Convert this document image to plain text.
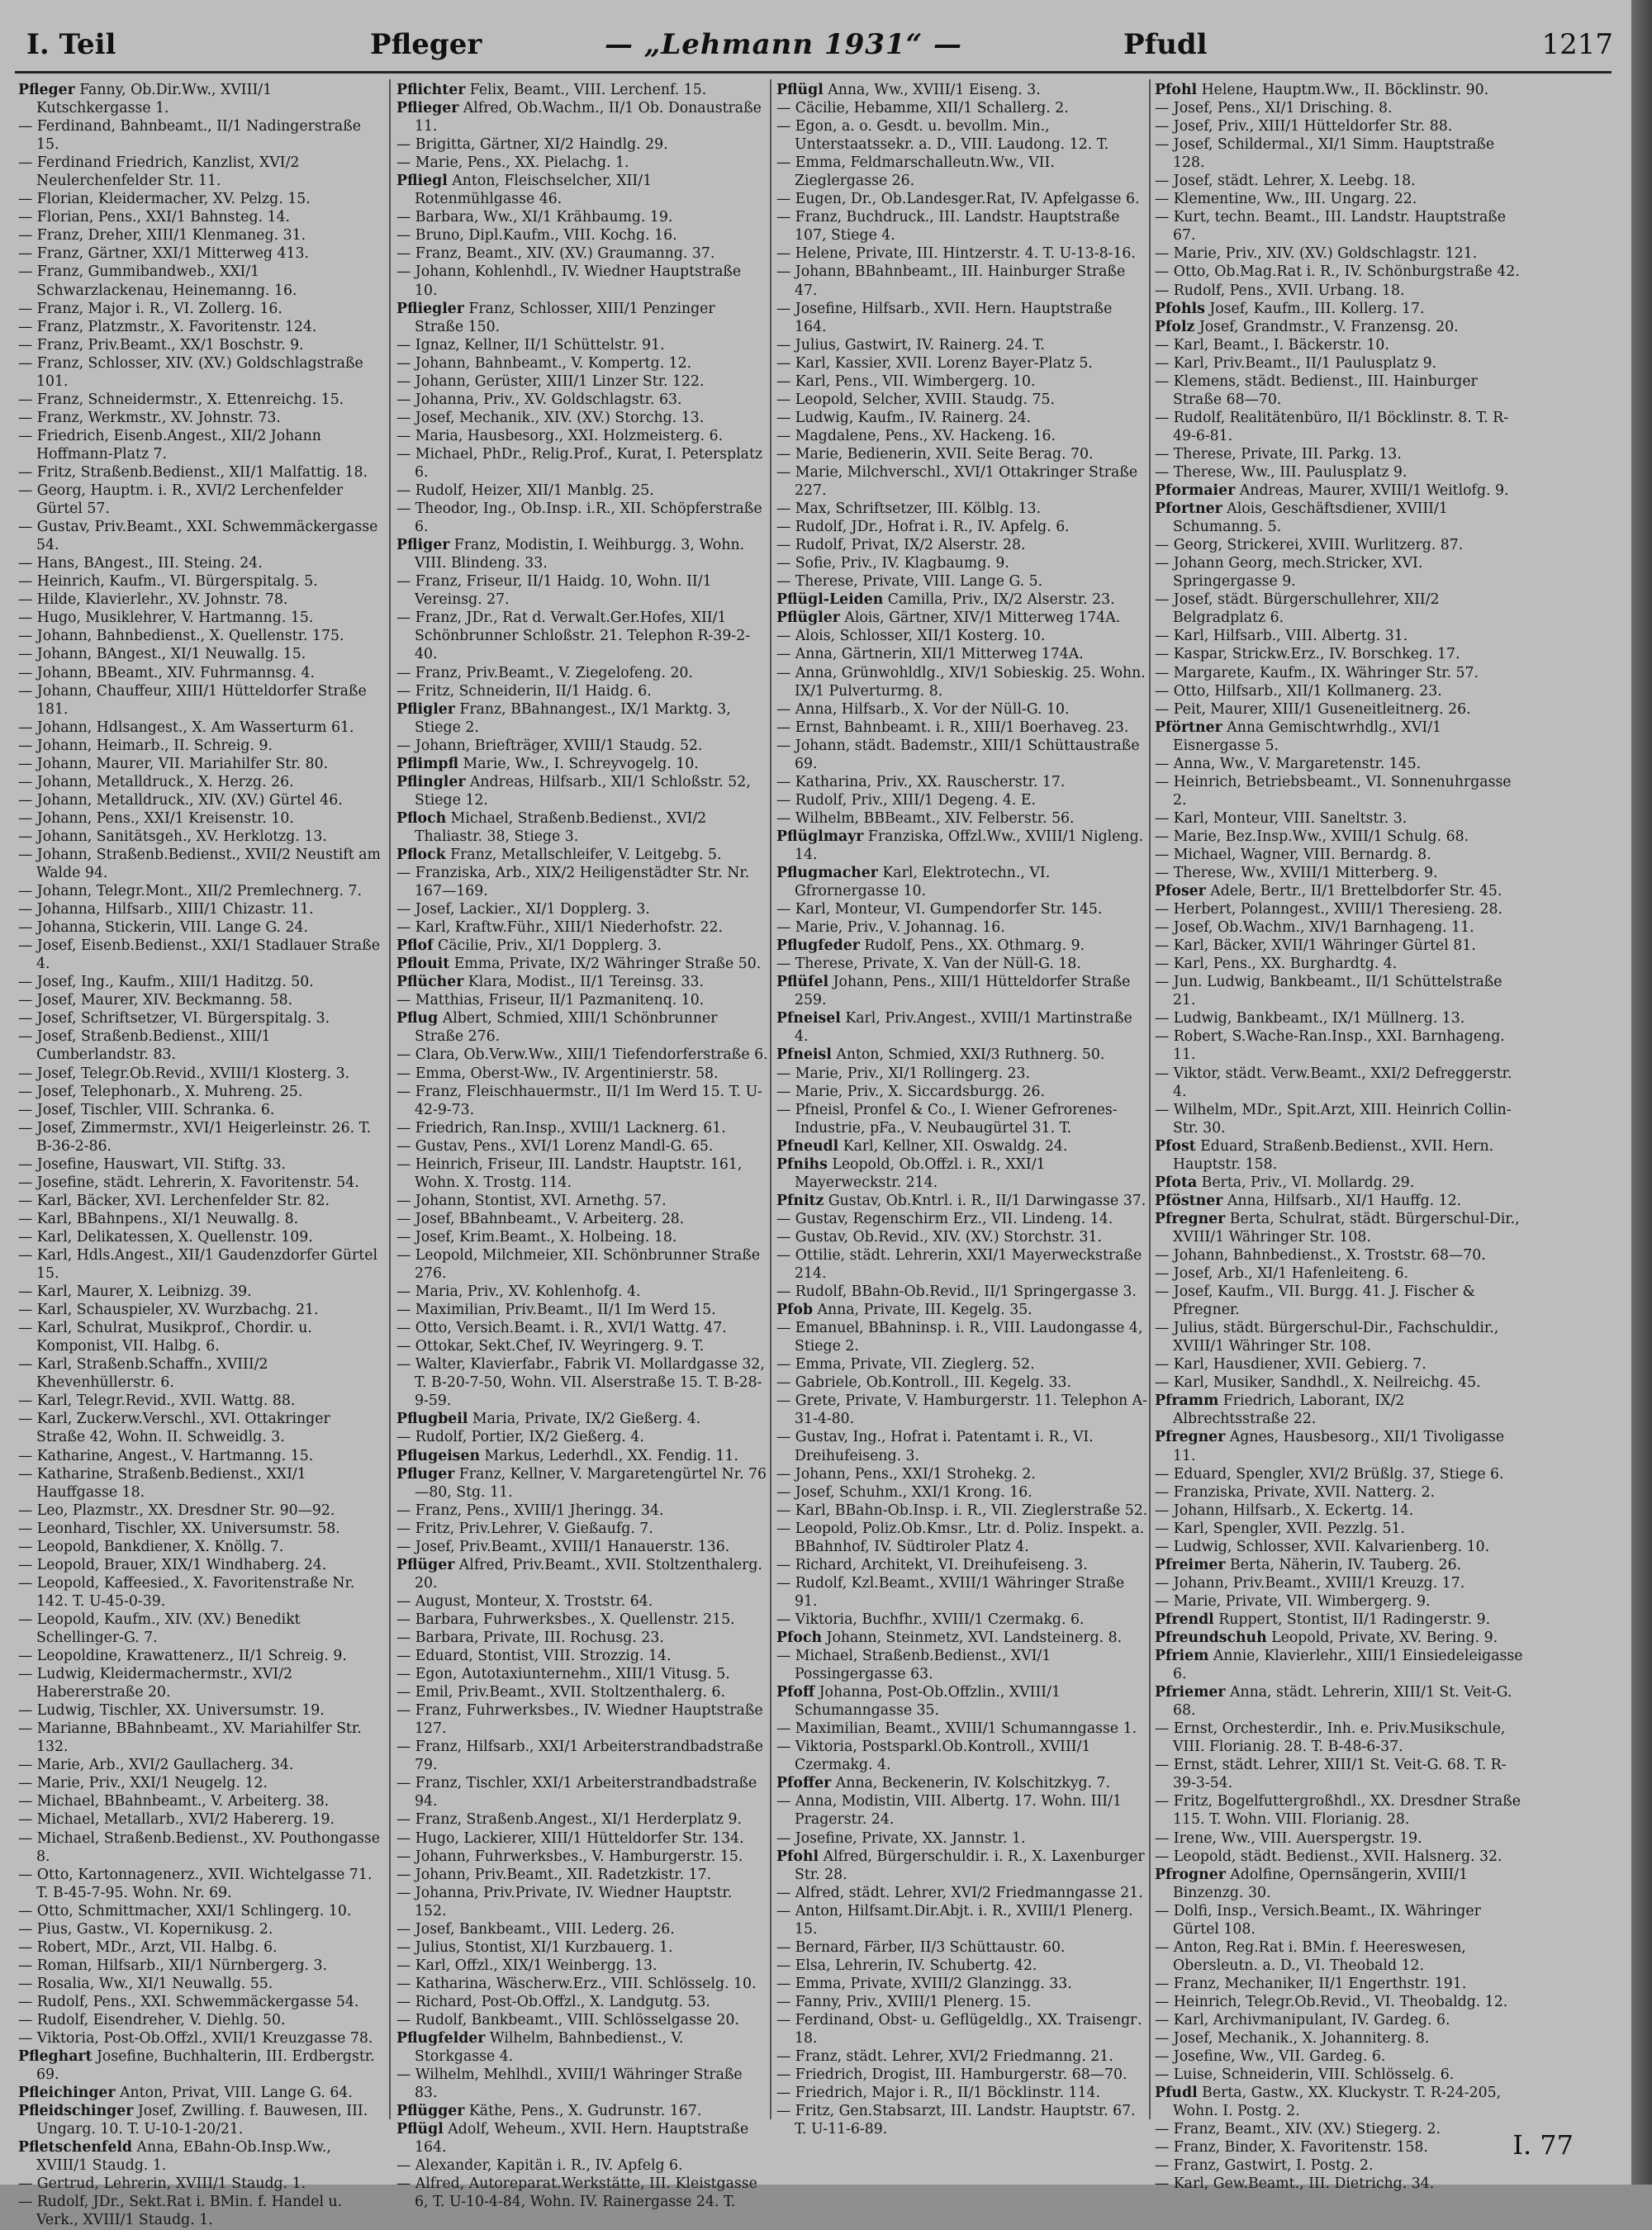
I. Teil	Pfleger	— „Lehmann 1931“ —	Pfudl	1217

Pfleger Fanny, Ob.Dir.Ww., XVIII/1 Kutschkergasse 1.

— Ferdinand, Bahnbeamt., II/1 Nadingerstraße 15.

— Ferdinand Friedrich, Kanzlist, XVI/2 Neulerchenfelder Str. 11.

— Florian, Kleidermacher, XV. Pelzg. 15.

— Florian, Pens., XXI/1 Bahnsteg. 14.

— Franz, Dreher, XIII/1 Klenmaneg. 31.

— Franz, Gärtner, XXI/1 Mitterweg 413.

— Franz, Gummibandweb., XXI/1 Schwarzlackenau, Heinemanng. 16.

— Franz, Major i. R., VI. Zollerg. 16.

— Franz, Platzmstr., X. Favoritenstr. 124.

— Franz, Priv.Beamt., XX/1 Boschstr. 9.

— Franz, Schlosser, XIV. (XV.) Goldschlagstraße 101.

— Franz, Schneidermstr., X. Ettenreichg. 15.

— Franz, Werkmstr., XV. Johnstr. 73.

— Friedrich, Eisenb.Angest., XII/2 Johann Hoffmann-Platz 7.

— Fritz, Straßenb.Bedienst., XII/1 Malfattig. 18.

— Georg, Hauptm. i. R., XVI/2 Lerchenfelder Gürtel 57.

— Gustav, Priv.Beamt., XXI. Schwemmäckergasse 54.

— Hans, BAngest., III. Steing. 24.

— Heinrich, Kaufm., VI. Bürgerspitalg. 5.

— Hilde, Klavierlehr., XV. Johnstr. 78.

— Hugo, Musiklehrer, V. Hartmanng. 15.

— Johann, Bahnbedienst., X. Quellenstr. 175.

— Johann, BAngest., XI/1 Neuwallg. 15.

— Johann, BBeamt., XIV. Fuhrmannsg. 4.

— Johann, Chauffeur, XIII/1 Hütteldorfer Straße 181.

— Johann, Hdlsangest., X. Am Wasserturm 61.

— Johann, Heimarb., II. Schreig. 9.

— Johann, Maurer, VII. Mariahilfer Str. 80.

— Johann, Metalldruck., X. Herzg. 26.

— Johann, Metalldruck., XIV. (XV.) Gürtel 46.

— Johann, Pens., XXI/1 Kreisenstr. 10.

— Johann, Sanitätsgeh., XV. Herklotzg. 13.

— Johann, Straßenb.Bedienst., XVII/2 Neustift am Walde 94.

— Johann, Telegr.Mont., XII/2 Premlechnerg. 7.

— Johanna, Hilfsarb., XIII/1 Chizastr. 11.

— Johanna, Stickerin, VIII. Lange G. 24.

— Josef, Eisenb.Bedienst., XXI/1 Stadlauer Straße 4.

— Josef, Ing., Kaufm., XIII/1 Haditzg. 50.

— Josef, Maurer, XIV. Beckmanng. 58.

— Josef, Schriftsetzer, VI. Bürgerspitalg. 3.

— Josef, Straßenb.Bedienst., XIII/1 Cumberlandstr. 83.

— Josef, Telegr.Ob.Revid., XVIII/1 Klosterg. 3.

— Josef, Telephonarb., X. Muhreng. 25.

— Josef, Tischler, VIII. Schranka. 6.

— Josef, Zimmermstr., XVI/1 Heigerleinstr. 26. T. B-36-2-86.

— Josefine, Hauswart, VII. Stiftg. 33.

— Josefine, städt. Lehrerin, X. Favoritenstr. 54.

— Karl, Bäcker, XVI. Lerchenfelder Str. 82.

— Karl, BBahnpens., XI/1 Neuwallg. 8.

— Karl, Delikatessen, X. Quellenstr. 109.

— Karl, Hdls.Angest., XII/1 Gaudenzdorfer Gürtel 15.

— Karl, Maurer, X. Leibnizg. 39.

— Karl, Schauspieler, XV. Wurzbachg. 21.

— Karl, Schulrat, Musikprof., Chordir. u. Komponist, VII. Halbg. 6.

— Karl, Straßenb.Schaffn., XVIII/2 Khevenhüllerstr. 6.

— Karl, Telegr.Revid., XVII. Wattg. 88.

— Karl, Zuckerw.Verschl., XVI. Ottakringer Straße 42, Wohn. II. Schweidlg. 3.

— Katharine, Angest., V. Hartmanng. 15.

— Katharine, Straßenb.Bedienst., XXI/1 Hauffgasse 18.

— Leo, Plazmstr., XX. Dresdner Str. 90—92.

— Leonhard, Tischler, XX. Universumstr. 58.

— Leopold, Bankdiener, X. Knöllg. 7.

— Leopold, Brauer, XIX/1 Windhaberg. 24.

— Leopold, Kaffeesied., X. Favoritenstraße Nr. 142. T. U-45-0-39.

— Leopold, Kaufm., XIV. (XV.) Benedikt Schellinger-G. 7.

— Leopoldine, Krawattenerz., II/1 Schreig. 9.

— Ludwig, Kleidermachermstr., XVI/2 Habererstraße 20.

— Ludwig, Tischler, XX. Universumstr. 19.

— Marianne, BBahnbeamt., XV. Mariahilfer Str. 132.

— Marie, Arb., XVI/2 Gaullacherg. 34.

— Marie, Priv., XXI/1 Neugelg. 12.

— Michael, BBahnbeamt., V. Arbeiterg. 38.

— Michael, Metallarb., XVI/2 Habererg. 19.

— Michael, Straßenb.Bedienst., XV. Pouthongasse 8.

— Otto, Kartonnagenerz., XVII. Wichtelgasse 71. T. B-45-7-95. Wohn. Nr. 69.

— Otto, Schmittmacher, XXI/1 Schlingerg. 10.

— Pius, Gastw., VI. Kopernikusg. 2.

— Robert, MDr., Arzt, VII. Halbg. 6.

— Roman, Hilfsarb., XII/1 Nürnbergerg. 3.

— Rosalia, Ww., XI/1 Neuwallg. 55.

— Rudolf, Pens., XXI. Schwemmäckergasse 54.

— Rudolf, Eisendreher, V. Diehlg. 50.

— Viktoria, Post-Ob.Offzl., XVII/1 Kreuzgasse 78.

Pfleghart Josefine, Buchhalterin, III. Erdbergstr. 69.

Pfleichinger Anton, Privat, VIII. Lange G. 64.

Pfleidschinger Josef, Zwilling. f. Bauwesen, III. Ungarg. 10. T. U-10-1-20/21.

Pfletschenfeld Anna, EBahn-Ob.Insp.Ww., XVIII/1 Staudg. 1.

— Gertrud, Lehrerin, XVIII/1 Staudg. 1.

— Rudolf, JDr., Sekt.Rat i. BMin. f. Handel u. Verk., XVIII/1 Staudg. 1.

Pflichter Felix, Beamt., VIII. Lerchenf. 15.

Pflieger Alfred, Ob.Wachm., II/1 Ob. Donaustraße 11.

— Brigitta, Gärtner, XI/2 Haindlg. 29.

— Marie, Pens., XX. Pielachg. 1.

Pfliegl Anton, Fleischselcher, XII/1 Rotenmühlgasse 46.

— Barbara, Ww., XI/1 Krähbaumg. 19.

— Bruno, Dipl.Kaufm., VIII. Kochg. 16.

— Franz, Beamt., XIV. (XV.) Graumanng. 37.

— Johann, Kohlenhdl., IV. Wiedner Hauptstraße 10.

Pfliegler Franz, Schlosser, XIII/1 Penzinger Straße 150.

— Ignaz, Kellner, II/1 Schüttelstr. 91.

— Johann, Bahnbeamt., V. Kompertg. 12.

— Johann, Gerüster, XIII/1 Linzer Str. 122.

— Johanna, Priv., XV. Goldschlagstr. 63.

— Josef, Mechanik., XIV. (XV.) Storchg. 13.

— Maria, Hausbesorg., XXI. Holzmeisterg. 6.

— Michael, PhDr., Relig.Prof., Kurat, I. Petersplatz 6.

— Rudolf, Heizer, XII/1 Manblg. 25.

— Theodor, Ing., Ob.Insp. i.R., XII. Schöpferstraße 6.

Pfliger Franz, Modistin, I. Weihburgg. 3, Wohn. VIII. Blindeng. 33.

— Franz, Friseur, II/1 Haidg. 10, Wohn. II/1 Vereinsg. 27.

— Franz, JDr., Rat d. Verwalt.Ger.Hofes, XII/1 Schönbrunner Schloßstr. 21. Telephon R-39-2-40.

— Franz, Priv.Beamt., V. Ziegelofeng. 20.

— Fritz, Schneiderin, II/1 Haidg. 6.

Pfligler Franz, BBahnangest., IX/1 Marktg. 3, Stiege 2.

— Johann, Briefträger, XVIII/1 Staudg. 52.

Pflimpfl Marie, Ww., I. Schreyvogelg. 10.

Pflingler Andreas, Hilfsarb., XII/1 Schloßstr. 52, Stiege 12.

Pfloch Michael, Straßenb.Bedienst., XVI/2 Thaliastr. 38, Stiege 3.

Pflock Franz, Metallschleifer, V. Leitgebg. 5.

— Franziska, Arb., XIX/2 Heiligenstädter Str. Nr. 167—169.

— Josef, Lackier., XI/1 Dopplerg. 3.

— Karl, Kraftw.Führ., XIII/1 Niederhofstr. 22.

Pflof Cäcilie, Priv., XI/1 Dopplerg. 3.

Pflouit Emma, Private, IX/2 Währinger Straße 50.

Pflücher Klara, Modist., II/1 Tereinsg. 33.

— Matthias, Friseur, II/1 Pazmanitenq. 10.

Pflug Albert, Schmied, XIII/1 Schönbrunner Straße 276.

— Clara, Ob.Verw.Ww., XIII/1 Tiefendorferstraße 6.

— Emma, Oberst-Ww., IV. Argentinierstr. 58.

— Franz, Fleischhauermstr., II/1 Im Werd 15. T. U-42-9-73.

— Friedrich, Ran.Insp., XVIII/1 Lacknerg. 61.

— Gustav, Pens., XVI/1 Lorenz Mandl-G. 65.

— Heinrich, Friseur, III. Landstr. Hauptstr. 161, Wohn. X. Trostg. 114.

— Johann, Stontist, XVI. Arnethg. 57.

— Josef, BBahnbeamt., V. Arbeiterg. 28.

— Josef, Krim.Beamt., X. Holbeing. 18.

— Leopold, Milchmeier, XII. Schönbrunner Straße 276.

— Maria, Priv., XV. Kohlenhofg. 4.

— Maximilian, Priv.Beamt., II/1 Im Werd 15.

— Otto, Versich.Beamt. i. R., XVI/1 Wattg. 47.

— Ottokar, Sekt.Chef, IV. Weyringerg. 9. T.

— Walter, Klavierfabr., Fabrik VI. Mollardgasse 32, T. B-20-7-50, Wohn. VII. Alserstraße 15. T. B-28-9-59.

Pflugbeil Maria, Private, IX/2 Gießerg. 4.

— Rudolf, Portier, IX/2 Gießerg. 4.

Pflugeisen Markus, Lederhdl., XX. Fendig. 11.

Pfluger Franz, Kellner, V. Margaretengürtel Nr. 76—80, Stg. 11.

— Franz, Pens., XVIII/1 Jheringg. 34.

— Fritz, Priv.Lehrer, V. Gießaufg. 7.

— Josef, Priv.Beamt., XVIII/1 Hanauerstr. 136.

Pflüger Alfred, Priv.Beamt., XVII. Stoltzenthalerg. 20.

— August, Monteur, X. Troststr. 64.

— Barbara, Fuhrwerksbes., X. Quellenstr. 215.

— Barbara, Private, III. Rochusg. 23.

— Eduard, Stontist, VIII. Strozzig. 14.

— Egon, Autotaxiunternehm., XIII/1 Vitusg. 5.

— Emil, Priv.Beamt., XVII. Stoltzenthalerg. 6.

— Franz, Fuhrwerksbes., IV. Wiedner Hauptstraße 127.

— Franz, Hilfsarb., XXI/1 Arbeiterstrandbadstraße 79.

— Franz, Tischler, XXI/1 Arbeiterstrandbadstraße 94.

— Franz, Straßenb.Angest., XI/1 Herderplatz 9.

— Hugo, Lackierer, XIII/1 Hütteldorfer Str. 134.

— Johann, Fuhrwerksbes., V. Hamburgerstr. 15.

— Johann, Priv.Beamt., XII. Radetzkistr. 17.

— Johanna, Priv.Private, IV. Wiedner Hauptstr. 152.

— Josef, Bankbeamt., VIII. Lederg. 26.

— Julius, Stontist, XI/1 Kurzbauerg. 1.

— Karl, Offzl., XIX/1 Weinbergg. 13.

— Katharina, Wäscherw.Erz., VIII. Schlösselg. 10.

— Richard, Post-Ob.Offzl., X. Landgutg. 53.

— Rudolf, Bankbeamt., VIII. Schlösselgasse 20.

Pflugfelder Wilhelm, Bahnbedienst., V. Storkgasse 4.

— Wilhelm, Mehlhdl., XVIII/1 Währinger Straße 83.

Pflügger Käthe, Pens., X. Gudrunstr. 167.

Pflügl Adolf, Weheum., XVII. Hern. Hauptstraße 164.

— Alexander, Kapitän i. R., IV. Apfelg 6.

— Alfred, Autoreparat.Werkstätte, III. Kleistgasse 6, T. U-10-4-84, Wohn. IV. Rainergasse 24. T.

Pflügl Anna, Ww., XVIII/1 Eiseng. 3.

— Cäcilie, Hebamme, XII/1 Schallerg. 2.

— Egon, a. o. Gesdt. u. bevollm. Min., Unterstaatssekr. a. D., VIII. Laudong. 12. T.

— Emma, Feldmarschalleutn.Ww., VII. Zieglergasse 26.

— Eugen, Dr., Ob.Landesger.Rat, IV. Apfelgasse 6.

— Franz, Buchdruck., III. Landstr. Hauptstraße 107, Stiege 4.

— Helene, Private, III. Hintzerstr. 4. T. U-13-8-16.

— Johann, BBahnbeamt., III. Hainburger Straße 47.

— Josefine, Hilfsarb., XVII. Hern. Hauptstraße 164.

— Julius, Gastwirt, IV. Rainerg. 24. T.

— Karl, Kassier, XVII. Lorenz Bayer-Platz 5.

— Karl, Pens., VII. Wimbergerg. 10.

— Leopold, Selcher, XVIII. Staudg. 75.

— Ludwig, Kaufm., IV. Rainerg. 24.

— Magdalene, Pens., XV. Hackeng. 16.

— Marie, Bedienerin, XVII. Seite Berag. 70.

— Marie, Milchverschl., XVI/1 Ottakringer Straße 227.

— Max, Schriftsetzer, III. Kölblg. 13.

— Rudolf, JDr., Hofrat i. R., IV. Apfelg. 6.

— Rudolf, Privat, IX/2 Alserstr. 28.

— Sofie, Priv., IV. Klagbaumg. 9.

— Therese, Private, VIII. Lange G. 5.

Pflügl-Leiden Camilla, Priv., IX/2 Alserstr. 23.

Pflügler Alois, Gärtner, XIV/1 Mitterweg 174A.

— Alois, Schlosser, XII/1 Kosterg. 10.

— Anna, Gärtnerin, XII/1 Mitterweg 174A.

— Anna, Grünwohldlg., XIV/1 Sobieskig. 25. Wohn. IX/1 Pulverturmg. 8.

— Anna, Hilfsarb., X. Vor der Nüll-G. 10.

— Ernst, Bahnbeamt. i. R., XIII/1 Boerhaveg. 23.

— Johann, städt. Bademstr., XIII/1 Schüttaustraße 69.

— Katharina, Priv., XX. Rauscherstr. 17.

— Rudolf, Priv., XIII/1 Degeng. 4. E.

— Wilhelm, BBBeamt., XIV. Felberstr. 56.

Pflüglmayr Franziska, Offzl.Ww., XVIII/1 Nigleng. 14.

Pflugmacher Karl, Elektrotechn., VI. Gfrornergasse 10.

— Karl, Monteur, VI. Gumpendorfer Str. 145.

— Marie, Priv., V. Johannag. 16.

Pflugfeder Rudolf, Pens., XX. Othmarg. 9.

— Therese, Private, X. Van der Nüll-G. 18.

Pflüfel Johann, Pens., XIII/1 Hütteldorfer Straße 259.

Pfneisel Karl, Priv.Angest., XVIII/1 Martinstraße 4.

Pfneisl Anton, Schmied, XXI/3 Ruthnerg. 50.

— Marie, Priv., XI/1 Rollingerg. 23.

— Marie, Priv., X. Siccardsburgg. 26.

— Pfneisl, Pronfel & Co., I. Wiener Gefrorenes-Industrie, pFa., V. Neubaugürtel 31. T.

Pfneudl Karl, Kellner, XII. Oswaldg. 24.

Pfnihs Leopold, Ob.Offzl. i. R., XXI/1 Mayerweckstr. 214.

Pfnitz Gustav, Ob.Kntrl. i. R., II/1 Darwingasse 37.

— Gustav, Regenschirm Erz., VII. Lindeng. 14.

— Gustav, Ob.Revid., XIV. (XV.) Storchstr. 31.

— Ottilie, städt. Lehrerin, XXI/1 Mayerweckstraße 214.

— Rudolf, BBahn-Ob.Revid., II/1 Springergasse 3.

Pfob Anna, Private, III. Kegelg. 35.

— Emanuel, BBahninsp. i. R., VIII. Laudongasse 4, Stiege 2.

— Emma, Private, VII. Zieglerg. 52.

— Gabriele, Ob.Kontroll., III. Kegelg. 33.

— Grete, Private, V. Hamburgerstr. 11. Telephon A-31-4-80.

— Gustav, Ing., Hofrat i. Patentamt i. R., VI. Dreihufeiseng. 3.

— Johann, Pens., XXI/1 Strohekg. 2.

— Josef, Schuhm., XXI/1 Krong. 16.

— Karl, BBahn-Ob.Insp. i. R., VII. Zieglerstraße 52.

— Leopold, Poliz.Ob.Kmsr., Ltr. d. Poliz. Inspekt. a. BBahnhof, IV. Südtiroler Platz 4.

— Richard, Architekt, VI. Dreihufeiseng. 3.

— Rudolf, Kzl.Beamt., XVIII/1 Währinger Straße 91.

— Viktoria, Buchfhr., XVIII/1 Czermakg. 6.

Pfoch Johann, Steinmetz, XVI. Landsteinerg. 8.

— Michael, Straßenb.Bedienst., XVI/1 Possingergasse 63.

Pfoff Johanna, Post-Ob.Offzlin., XVIII/1 Schumanngasse 35.

— Maximilian, Beamt., XVIII/1 Schumanngasse 1.

— Viktoria, Postsparkl.Ob.Kontroll., XVIII/1 Czermakg. 4.

Pfoffer Anna, Beckenerin, IV. Kolschitzkyg. 7.

— Anna, Modistin, VIII. Albertg. 17. Wohn. III/1 Pragerstr. 24.

— Josefine, Private, XX. Jannstr. 1.

Pfohl Alfred, Bürgerschuldir. i. R., X. Laxenburger Str. 28.

— Alfred, städt. Lehrer, XVI/2 Friedmanngasse 21.

— Anton, Hilfsamt.Dir.Abjt. i. R., XVIII/1 Plenerg. 15.

— Bernard, Färber, II/3 Schüttaustr. 60.

— Elsa, Lehrerin, IV. Schubertg. 42.

— Emma, Private, XVIII/2 Glanzingg. 33.

— Fanny, Priv., XVIII/1 Plenerg. 15.

— Ferdinand, Obst- u. Geflügeldlg., XX. Traisengг. 18.

— Franz, städt. Lehrer, XVI/2 Friedmanng. 21.

— Friedrich, Drogist, III. Hamburgerstr. 68—70.

— Friedrich, Major i. R., II/1 Böcklinstr. 114.

— Fritz, Gen.Stabsarzt, III. Landstr. Hauptstr. 67. T. U-11-6-89.

Pfohl Helene, Hauptm.Ww., II. Böcklinstr. 90.

— Josef, Pens., XI/1 Drisching. 8.

— Josef, Priv., XIII/1 Hütteldorfer Str. 88.

— Josef, Schildermal., XI/1 Simm. Hauptstraße 128.

— Josef, städt. Lehrer, X. Leebg. 18.

— Klementine, Ww., III. Ungarg. 22.

— Kurt, techn. Beamt., III. Landstr. Hauptstraße 67.

— Marie, Priv., XIV. (XV.) Goldschlagstr. 121.

— Otto, Ob.Mag.Rat i. R., IV. Schönburgstraße 42.

— Rudolf, Pens., XVII. Urbang. 18.

Pfohls Josef, Kaufm., III. Kollerg. 17.

Pfolz Josef, Grandmstr., V. Franzensg. 20.

— Karl, Beamt., I. Bäckerstr. 10.

— Karl, Priv.Beamt., II/1 Paulusplatz 9.

— Klemens, städt. Bedienst., III. Hainburger Straße 68—70.

— Rudolf, Realitätenbüro, II/1 Böcklinstr. 8. T. R-49-6-81.

— Therese, Private, III. Parkg. 13.

— Therese, Ww., III. Paulusplatz 9.

Pformaier Andreas, Maurer, XVIII/1 Weitlofg. 9.

Pfortner Alois, Geschäftsdiener, XVIII/1 Schumanng. 5.

— Georg, Strickerei, XVIII. Wurlitzerg. 87.

— Johann Georg, mech.Stricker, XVI. Springergasse 9.

— Josef, städt. Bürgerschullehrer, XII/2 Belgradplatz 6.

— Karl, Hilfsarb., VIII. Albertg. 31.

— Kaspar, Strickw.Erz., IV. Borschkeg. 17.

— Margarete, Kaufm., IX. Währinger Str. 57.

— Otto, Hilfsarb., XII/1 Kollmanerg. 23.

— Peit, Maurer, XIII/1 Guseneitleitnerg. 26.

Pförtner Anna Gemischtwrhdlg., XVI/1 Eisnergasse 5.

— Anna, Ww., V. Margaretenstr. 145.

— Heinrich, Betriebsbeamt., VI. Sonnenuhrgasse 2.

— Karl, Monteur, VIII. Saneltstr. 3.

— Marie, Bez.Insp.Ww., XVIII/1 Schulg. 68.

— Michael, Wagner, VIII. Bernardg. 8.

— Therese, Ww., XVIII/1 Mitterberg. 9.

Pfoser Adele, Bertr., II/1 Brettelbdorfer Str. 45.

— Herbert, Polanngest., XVIII/1 Theresieng. 28.

— Josef, Ob.Wachm., XIV/1 Barnhageng. 11.

— Karl, Bäcker, XVII/1 Währinger Gürtel 81.

— Karl, Pens., XX. Burghardtg. 4.

— Jun. Ludwig, Bankbeamt., II/1 Schüttelstraße 21.

— Ludwig, Bankbeamt., IX/1 Müllnerg. 13.

— Robert, S.Wache-Ran.Insp., XXI. Barnhageng. 11.

— Viktor, städt. Verw.Beamt., XXI/2 Defreggerstr. 4.

— Wilhelm, MDr., Spit.Arzt, XIII. Heinrich Collin-Str. 30.

Pfost Eduard, Straßenb.Bedienst., XVII. Hern. Hauptstr. 158.

Pfota Berta, Priv., VI. Mollardg. 29.

Pföstner Anna, Hilfsarb., XI/1 Hauffg. 12.

Pfregner Berta, Schulrat, städt. Bürgerschul-Dir., XVIII/1 Währinger Str. 108.

— Johann, Bahnbedienst., X. Troststr. 68—70.

— Josef, Arb., XI/1 Hafenleiteng. 6.

— Josef, Kaufm., VII. Burgg. 41. J. Fischer & Pfregner.

— Julius, städt. Bürgerschul-Dir., Fachschuldir., XVIII/1 Währinger Str. 108.

— Karl, Hausdiener, XVII. Gebierg. 7.

— Karl, Musiker, Sandhdl., X. Neilreichg. 45.

Pframm Friedrich, Laborant, IX/2 Albrechtsstraße 22.

Pfregner Agnes, Hausbesorg., XII/1 Tivoligasse 11.

— Eduard, Spengler, XVI/2 Brüßlg. 37, Stiege 6.

— Franziska, Private, XVII. Natterg. 2.

— Johann, Hilfsarb., X. Eckertg. 14.

— Karl, Spengler, XVII. Pezzlg. 51.

— Ludwig, Schlosser, XVII. Kalvarienberg. 10.

Pfreimer Berta, Näherin, IV. Tauberg. 26.

— Johann, Priv.Beamt., XVIII/1 Kreuzg. 17.

— Marie, Private, VII. Wimbergerg. 9.

Pfrendl Ruppert, Stontist, II/1 Radingerstr. 9.

Pfreundschuh Leopold, Private, XV. Bering. 9.

Pfriem Annie, Klavierlehr., XIII/1 Einsiedeleigasse 6.

Pfriemer Anna, städt. Lehrerin, XIII/1 St. Veit-G. 68.

— Ernst, Orchesterdir., Inh. e. Priv.Musikschule, VIII. Florianig. 28. T. B-48-6-37.

— Ernst, städt. Lehrer, XIII/1 St. Veit-G. 68. T. R-39-3-54.

— Fritz, Bogelfuttergroßhdl., XX. Dresdner Straße 115. T. Wohn. VIII. Florianig. 28.

— Irene, Ww., VIII. Auerspergstr. 19.

— Leopold, städt. Bedienst., XVII. Halsnerg. 32.

Pfrogner Adolfine, Opernsängerin, XVIII/1 Binzenzg. 30.

— Dolfi, Insp., Versich.Beamt., IX. Währinger Gürtel 108.

— Anton, Reg.Rat i. BMin. f. Heereswesen, Obersleutn. a. D., VI. Theobald 12.

— Franz, Mechaniker, II/1 Engerthstr. 191.

— Heinrich, Telegr.Ob.Revid., VI. Theobaldg. 12.

— Karl, Archivmanipulant, IV. Gardeg. 6.

— Josef, Mechanik., X. Johanniterg. 8.

— Josefine, Ww., VII. Gardeg. 6.

— Luise, Schneiderin, VIII. Schlösselg. 6.

Pfudl Berta, Gastw., XX. Kluckystr. T. R-24-205, Wohn. I. Postg. 2.

— Franz, Beamt., XIV. (XV.) Stiegerg. 2.

— Franz, Binder, X. Favoritenstr. 158.

— Franz, Gastwirt, I. Postg. 2.

— Karl, Gew.Beamt., III. Dietrichg. 34.

I. 77
